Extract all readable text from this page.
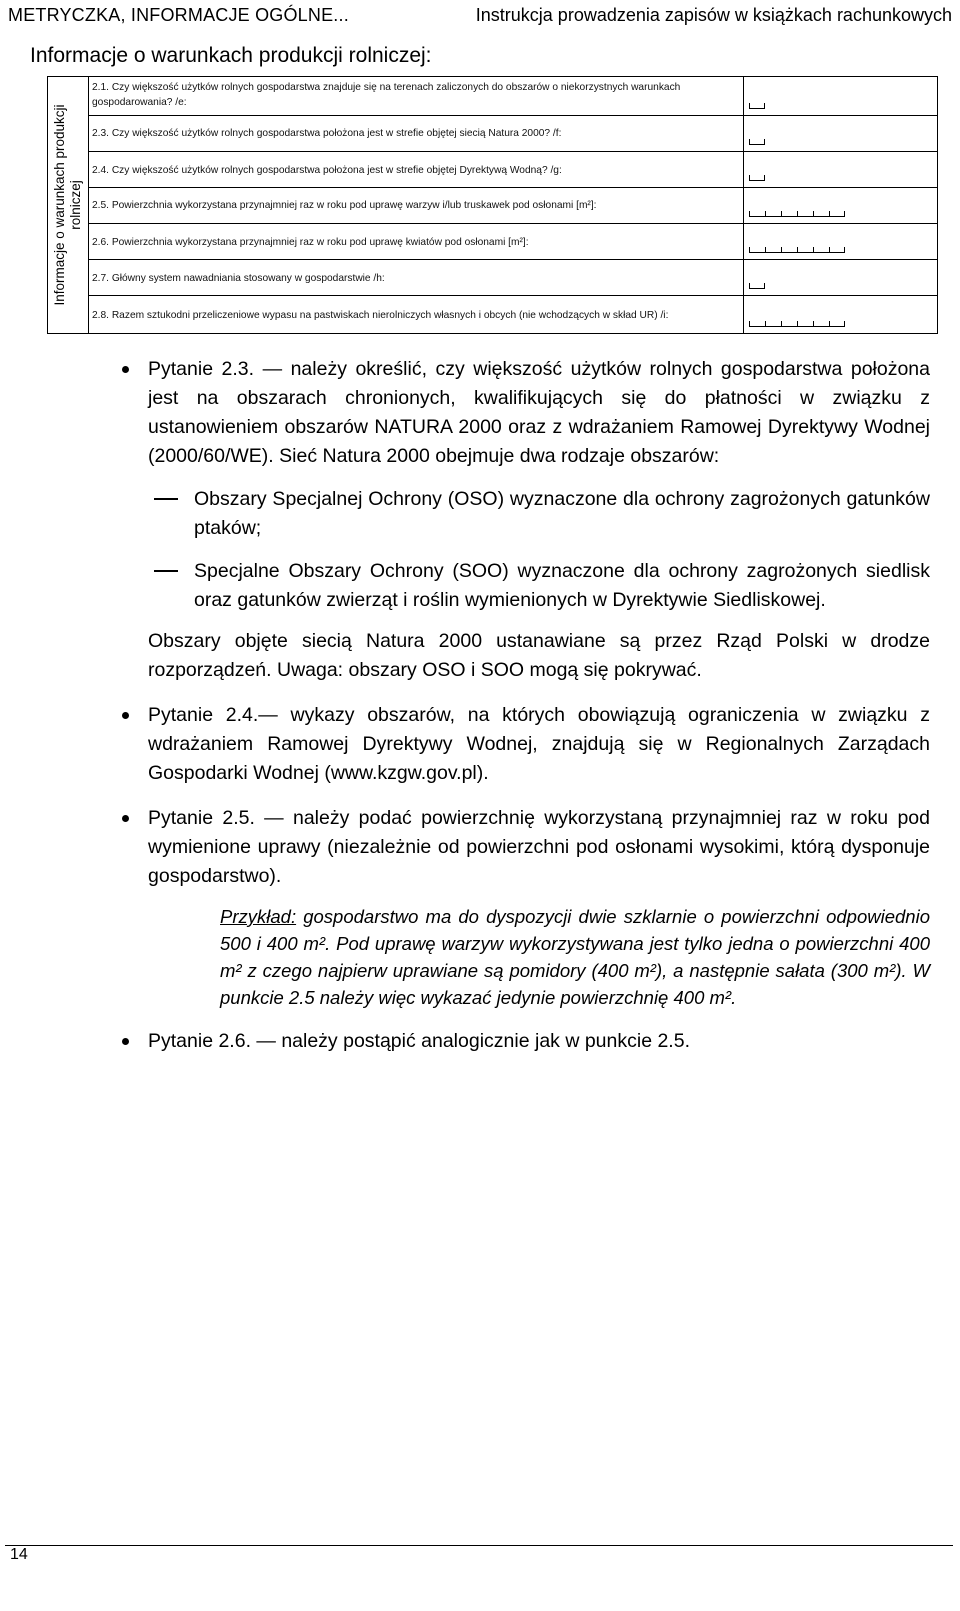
METRYCZKA, INFORMACJE OGÓLNE...	Instrukcja prowadzenia zapisów w książkach rachunkowych
Informacje o warunkach produkcji rolniczej:
Informacje o warunkach produkcji rolniczej
2.1. Czy większość użytków rolnych gospodarstwa znajduje się na terenach zaliczonych do obszarów o niekorzystnych warunkach gospodarowania? /e:
2.3. Czy większość użytków rolnych gospodarstwa położona jest w strefie objętej siecią Natura 2000? /f:
2.4. Czy większość użytków rolnych gospodarstwa położona jest w strefie objętej Dyrektywą Wodną? /g:
2.5. Powierzchnia wykorzystana przynajmniej raz w roku pod uprawę warzyw i/lub truskawek pod osłonami [m²]:
2.6. Powierzchnia wykorzystana przynajmniej raz w roku pod uprawę kwiatów pod osłonami [m²]:
2.7. Główny system nawadniania stosowany w gospodarstwie /h:
2.8. Razem sztukodni przeliczeniowe wypasu na pastwiskach nierolniczych własnych i obcych (nie wchodzących w skład UR) /i:
Pytanie 2.3. — należy określić, czy większość użytków rolnych gospodarstwa położona jest na obszarach chronionych, kwalifikujących się do płatności w związku z ustanowieniem obszarów NATURA 2000 oraz z wdrażaniem Ramowej Dyrektywy Wodnej (2000/60/WE). Sieć Natura 2000 obejmuje dwa rodzaje obszarów:
Obszary Specjalnej Ochrony (OSO) wyznaczone dla ochrony zagrożonych gatunków ptaków;
Specjalne Obszary Ochrony (SOO) wyznaczone dla ochrony zagrożonych siedlisk oraz gatunków zwierząt i roślin wymienionych w Dyrektywie Siedliskowej.
Obszary objęte siecią Natura 2000 ustanawiane są przez Rząd Polski w drodze rozporządzeń. Uwaga: obszary OSO i SOO mogą się pokrywać.
Pytanie 2.4.— wykazy obszarów, na których obowiązują ograniczenia w związku z wdrażaniem Ramowej Dyrektywy Wodnej, znajdują się w Regionalnych Zarządach Gospodarki Wodnej (www.kzgw.gov.pl).
Pytanie 2.5. — należy podać powierzchnię wykorzystaną przynajmniej raz w roku pod wymienione uprawy (niezależnie od powierzchni pod osłonami wysokimi, którą dysponuje gospodarstwo).
Przykład: gospodarstwo ma do dyspozycji dwie szklarnie o powierzchni odpowiednio 500 i 400 m². Pod uprawę warzyw wykorzystywana jest tylko jedna o powierzchni 400 m² z czego najpierw uprawiane są pomidory (400 m²), a następnie sałata (300 m²). W punkcie 2.5 należy więc wykazać jedynie powierzchnię 400 m².
Pytanie 2.6. — należy postąpić analogicznie jak w punkcie 2.5.
14
